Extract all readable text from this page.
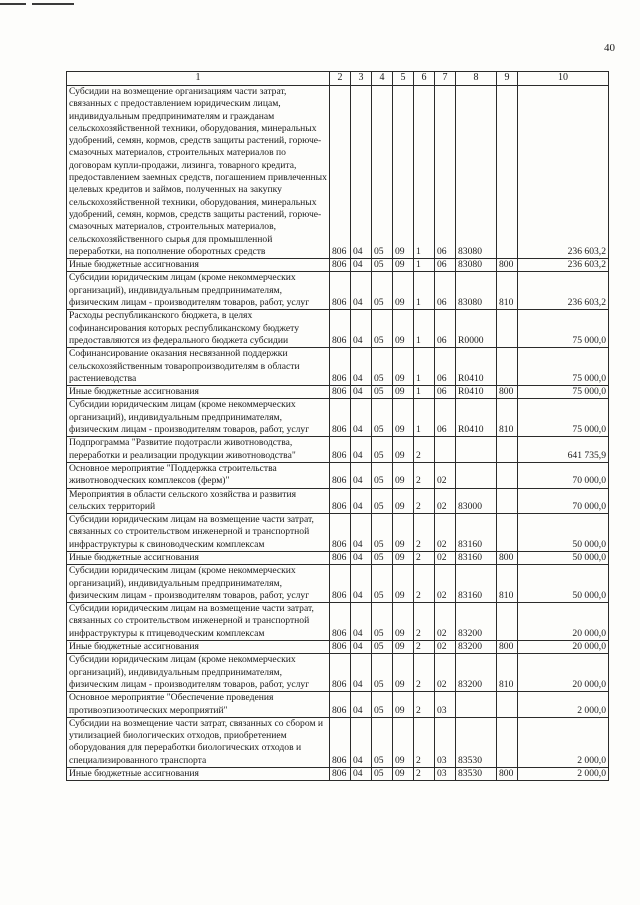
40
1	2	3	4	5	6	7	8	9	10
Субсидии на возмещение организациям части затрат, связанных с предоставлением юридическим лицам, индивидуальным предпринимателям и гражданам сельскохозяйственной техники, оборудования, минеральных удобрений, семян, кормов, средств защиты растений, горюче-смазочных материалов, строительных материалов по договорам купли-продажи, лизинга, товарного кредита, предоставлением заемных средств, погашением привлеченных целевых кредитов и займов, полученных на закупку сельскохозяйственной техники, оборудования, минеральных удобрений, семян, кормов, средств защиты растений, горюче-смазочных материалов, строительных материалов, сельскохозяйственного сырья для промышленной переработки, на пополнение оборотных средств	806	04	05	09	1	06	83080		236 603,2
Иные бюджетные ассигнования	806	04	05	09	1	06	83080	800	236 603,2
Субсидии юридическим лицам (кроме некоммерческих организаций), индивидуальным предпринимателям, физическим лицам - производителям товаров, работ, услуг	806	04	05	09	1	06	83080	810	236 603,2
Расходы республиканского бюджета, в целях софинансирования которых республиканскому бюджету предоставляются из федерального бюджета субсидии	806	04	05	09	1	06	R0000		75 000,0
Софинансирование оказания несвязанной поддержки сельскохозяйственным товаропроизводителям в области растениеводства	806	04	05	09	1	06	R0410		75 000,0
Иные бюджетные ассигнования	806	04	05	09	1	06	R0410	800	75 000,0
Субсидии юридическим лицам (кроме некоммерческих организаций), индивидуальным предпринимателям, физическим лицам - производителям товаров, работ, услуг	806	04	05	09	1	06	R0410	810	75 000,0
Подпрограмма "Развитие подотрасли животноводства, переработки и реализации продукции животноводства"	806	04	05	09	2				641 735,9
Основное мероприятие "Поддержка строительства животноводческих комплексов (ферм)"	806	04	05	09	2	02			70 000,0
Мероприятия в области сельского хозяйства и развития сельских территорий	806	04	05	09	2	02	83000		70 000,0
Субсидии юридическим лицам на возмещение части затрат, связанных со строительством инженерной и транспортной инфраструктуры к свиноводческим комплексам	806	04	05	09	2	02	83160		50 000,0
Иные бюджетные ассигнования	806	04	05	09	2	02	83160	800	50 000,0
Субсидии юридическим лицам (кроме некоммерческих организаций), индивидуальным предпринимателям, физическим лицам - производителям товаров, работ, услуг	806	04	05	09	2	02	83160	810	50 000,0
Субсидии юридическим лицам на возмещение части затрат, связанных со строительством инженерной и транспортной инфраструктуры к птицеводческим комплексам	806	04	05	09	2	02	83200		20 000,0
Иные бюджетные ассигнования	806	04	05	09	2	02	83200	800	20 000,0
Субсидии юридическим лицам (кроме некоммерческих организаций), индивидуальным предпринимателям, физическим лицам - производителям товаров, работ, услуг	806	04	05	09	2	02	83200	810	20 000,0
Основное мероприятие "Обеспечение проведения противоэпизоотических мероприятий"	806	04	05	09	2	03			2 000,0
Субсидии на возмещение части затрат, связанных со сбором и утилизацией биологических отходов, приобретением оборудования для переработки биологических отходов и специализированного транспорта	806	04	05	09	2	03	83530		2 000,0
Иные бюджетные ассигнования	806	04	05	09	2	03	83530	800	2 000,0
